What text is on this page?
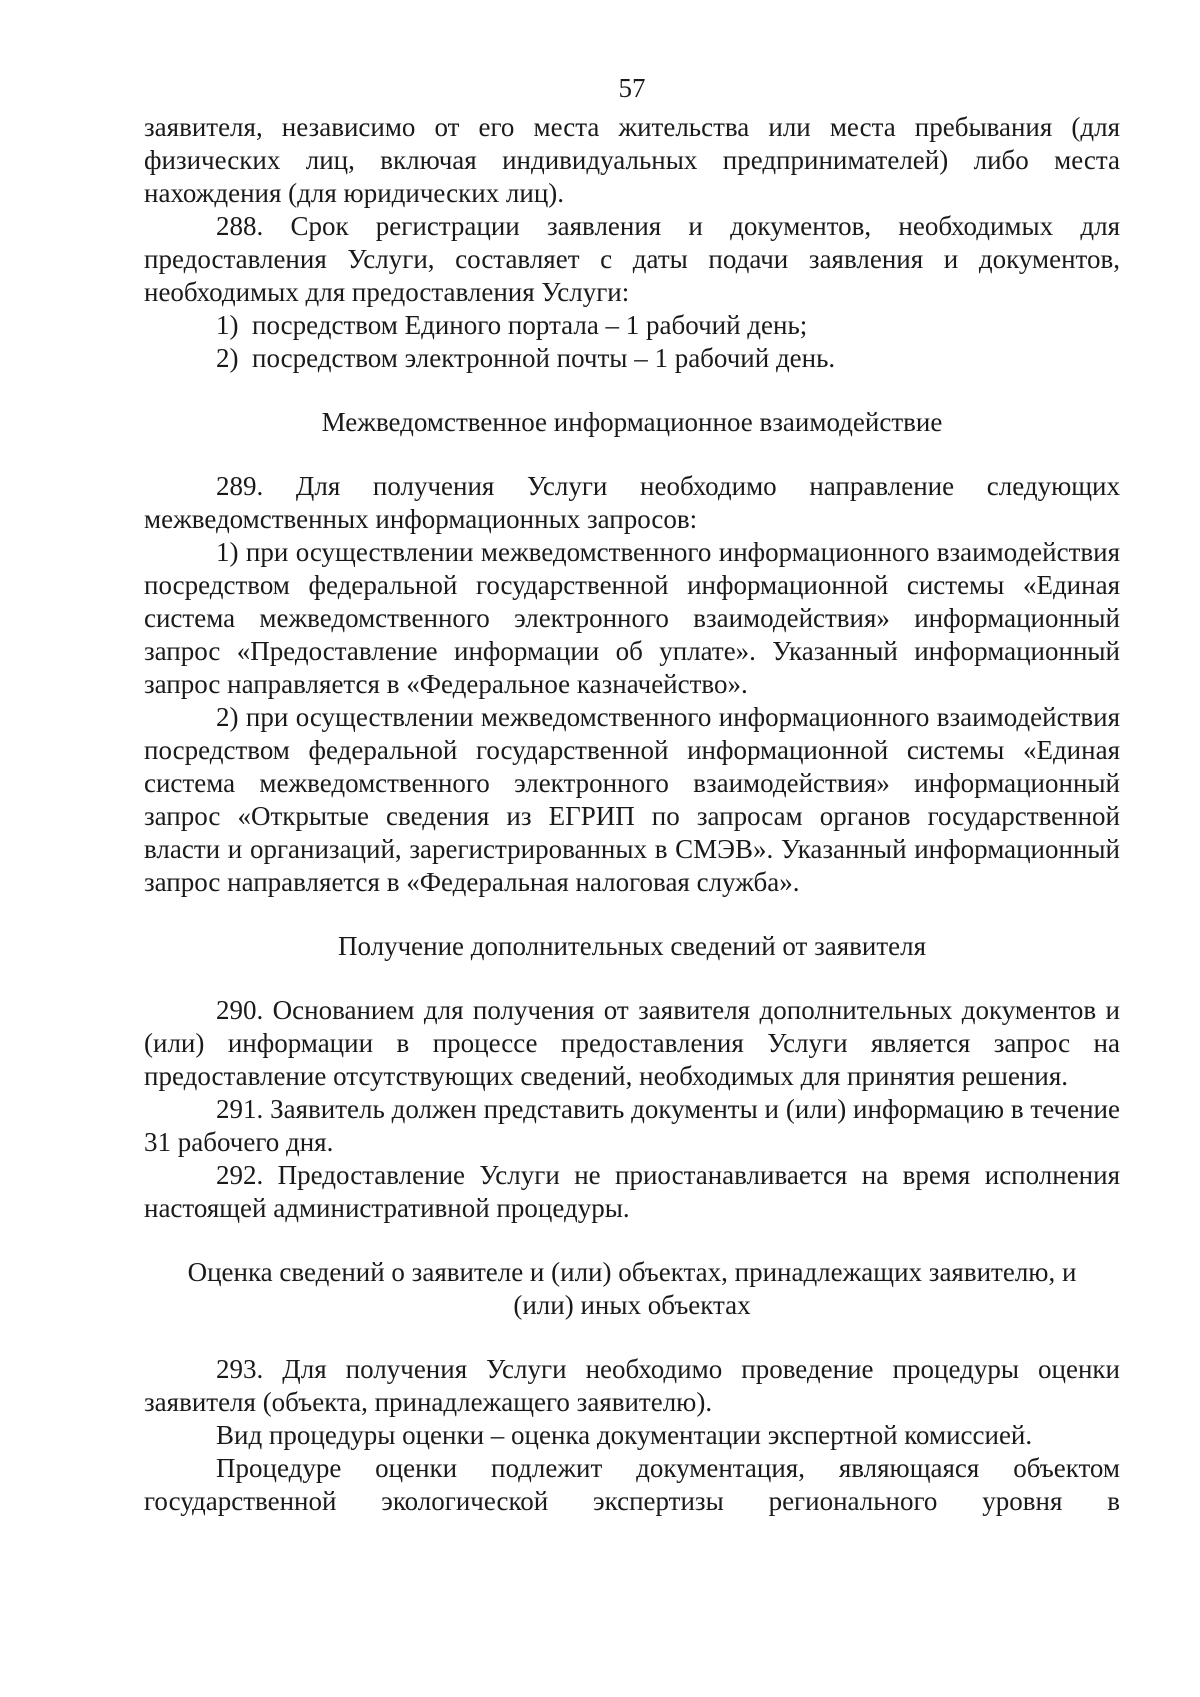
57

заявителя, независимо от его места жительства или места пребывания (для физических лиц, включая индивидуальных предпринимателей) либо места нахождения (для юридических лиц).

288. Срок регистрации заявления и документов, необходимых для предоставления Услуги, составляет с даты подачи заявления и документов, необходимых для предоставления Услуги:

1) посредством Единого портала – 1 рабочий день;

2) посредством электронной почты – 1 рабочий день.

Межведомственное информационное взаимодействие

289. Для получения Услуги необходимо направление следующих межведомственных информационных запросов:

1) при осуществлении межведомственного информационного взаимодействия посредством федеральной государственной информационной системы «Единая система межведомственного электронного взаимодействия» информационный запрос «Предоставление информации об уплате». Указанный информационный запрос направляется в «Федеральное казначейство».

2) при осуществлении межведомственного информационного взаимодействия посредством федеральной государственной информационной системы «Единая система межведомственного электронного взаимодействия» информационный запрос «Открытые сведения из ЕГРИП по запросам органов государственной власти и организаций, зарегистрированных в СМЭВ». Указанный информационный запрос направляется в «Федеральная налоговая служба».

Получение дополнительных сведений от заявителя

290. Основанием для получения от заявителя дополнительных документов и (или) информации в процессе предоставления Услуги является запрос на предоставление отсутствующих сведений, необходимых для принятия решения.

291. Заявитель должен представить документы и (или) информацию в течение 31 рабочего дня.

292. Предоставление Услуги не приостанавливается на время исполнения настоящей административной процедуры.

Оценка сведений о заявителе и (или) объектах, принадлежащих заявителю, и
(или) иных объектах

293. Для получения Услуги необходимо проведение процедуры оценки заявителя (объекта, принадлежащего заявителю).

Вид процедуры оценки – оценка документации экспертной комиссией.

Процедуре оценки подлежит документация, являющаяся объектом государственной экологической экспертизы регионального уровня в
